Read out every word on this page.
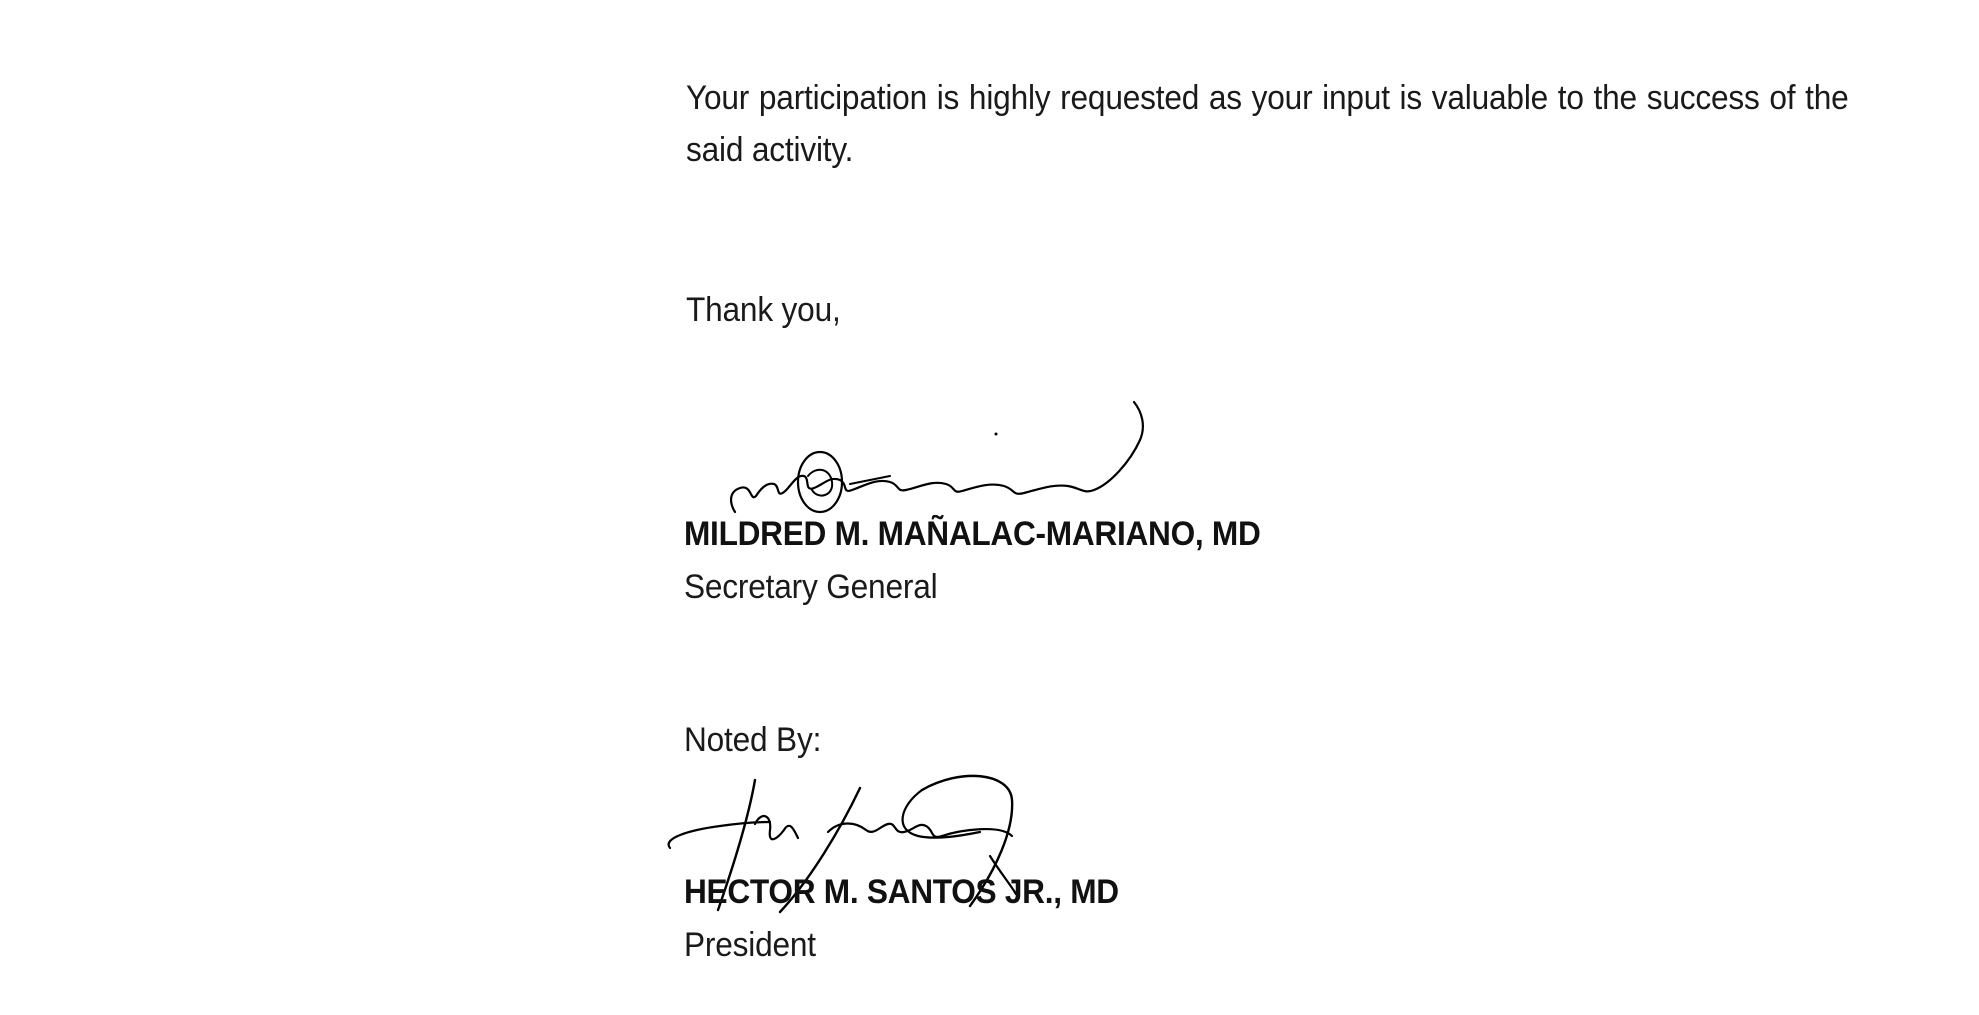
Your participation is highly requested as your input is valuable to the success of the said activity.
Thank you,
MILDRED M. MAÑALAC-MARIANO, MD
Secretary General
Noted By:
HECTOR M. SANTOS JR., MD
President
